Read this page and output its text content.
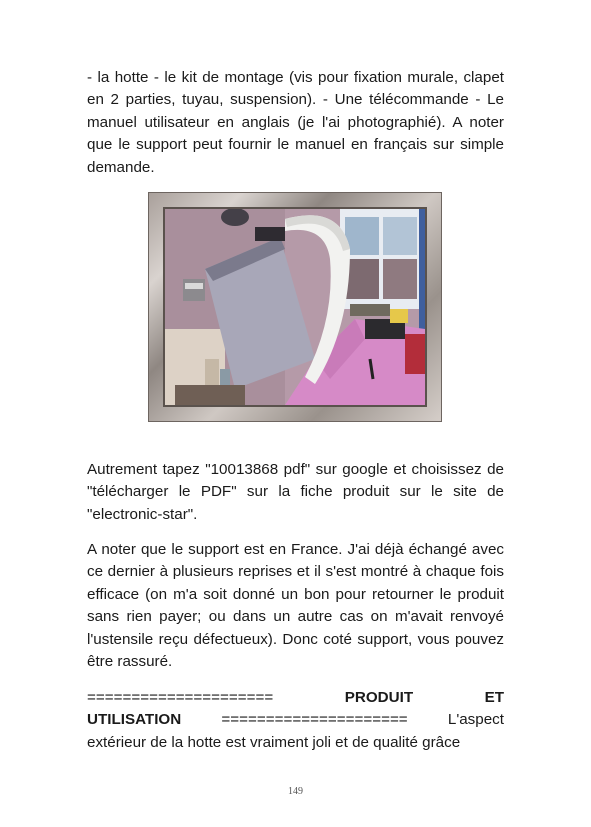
- la hotte - le kit de montage (vis pour fixation murale, clapet en 2 parties, tuyau, suspension). - Une télécommande - Le manuel utilisateur en anglais (je l'ai photographié). A noter que le support peut fournir le manuel en français sur simple demande.

Autrement tapez "10013868 pdf" sur google et choisissez de "télécharger le PDF" sur la fiche produit sur le site de "electronic-star".

A noter que le support est en France. J'ai déjà échangé avec ce dernier à plusieurs reprises et il s'est montré à chaque fois efficace (on m'a soit donné un bon pour retourner le produit sans rien payer; ou dans un autre cas on m'avait renvoyé l'ustensile reçu défectueux). Donc coté support, vous pouvez être rassuré.

=====================	PRODUIT	ET
UTILISATION	=====================	L'aspect
extérieur de la hotte est vraiment joli et de qualité grâce
149
